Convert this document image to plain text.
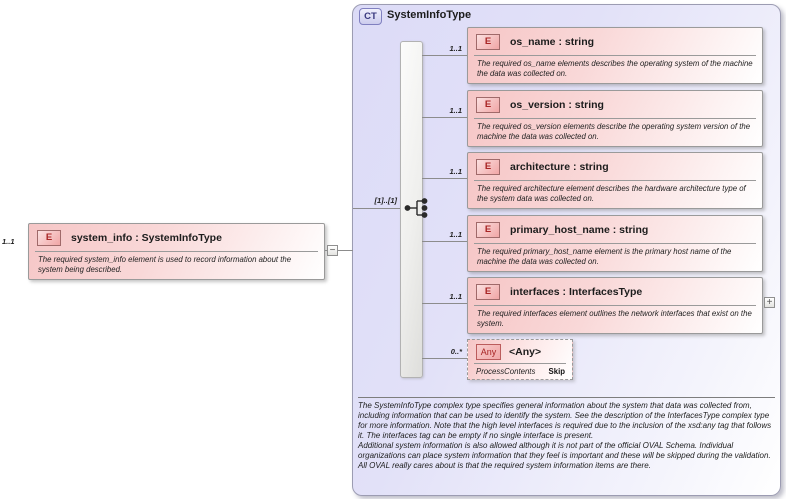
CT SystemInfoType
1..1	E	system_info : SystemInfoType
The required system_info element is used to record information about the system being described.
−
[1]..[1]
1..1
1..1
1..1
1..1
1..1
0..*
E	os_name : string
The required os_name elements describes the operating system of the machine the data was collected on.
E	os_version : string
The required os_version elements describe the operating system version of the machine the data was collected on.
E	architecture : string
The required architecture element describes the hardware architecture type of the system data was collected on.
E	primary_host_name : string
The required primary_host_name element is the primary host name of the machine the data was collected on.
E	interfaces : InterfacesType
The required interfaces element outlines the network interfaces that exist on the system.
+
Any	<Any>
ProcessContents Skip
The SystemInfoType complex type specifies general information about the system that data was collected from, including information that can be used to identify the system. See the description of the InterfacesType complex type for more information. Note that the high level interfaces is required due to the inclusion of the xsd:any tag that follows it. The interfaces tag can be empty if no single interface is present.
Additional system information is also allowed although it is not part of the official OVAL Schema. Individual organizations can place system information that they feel is important and these will be skipped during the validation. All OVAL really cares about is that the required system information items are there.
